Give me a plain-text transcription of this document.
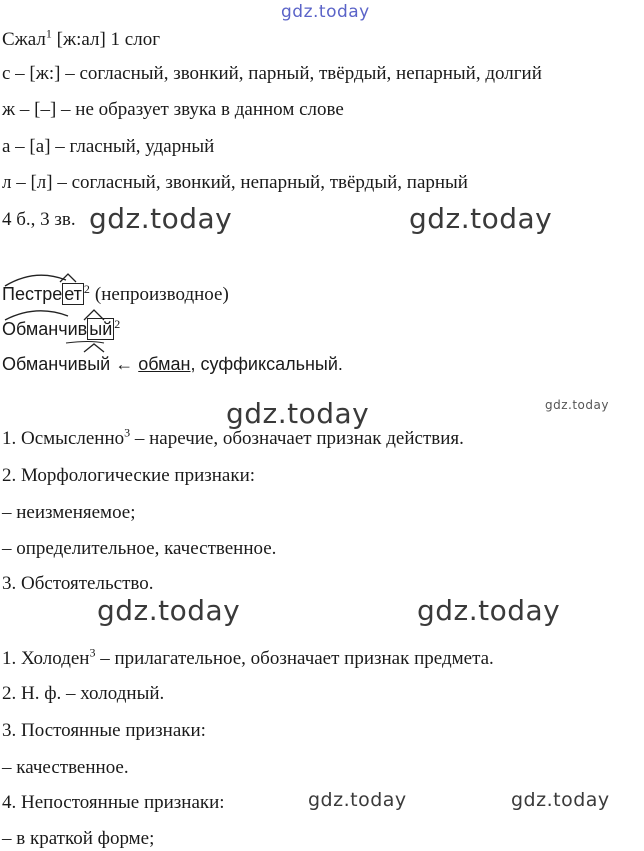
gdz.today
Сжал$^1$ [ж:ал] 1 слог
с – [ж:] – согласный, звонкий, парный, твёрдый, непарный, долгий
ж – [–] – не образует звука в данном слове
а – [а] – гласный, ударный
л – [л] – согласный, звонкий, непарный, твёрдый, парный
4 б., 3 зв. gdz.today	gdz.today
Пестре ет $^2$ (непроизводное)
Обманчив ый $^2$
Обманчивый ← обман, суффиксальный.
gdz.today	gdz.today
1. Осмысленно$^3$ – наречие, обозначает признак действия.
2. Морфологические признаки:
– неизменяемое;
– определительное, качественное.
3. Обстоятельство.
gdz.today	gdz.today
1. Холоден$^3$ – прилагательное, обозначает признак предмета.
2. Н. ф. – холодный.
3. Постоянные признаки:
– качественное.
4. Непостоянные признаки:
– в краткой форме;
gdz.today	gdz.today
